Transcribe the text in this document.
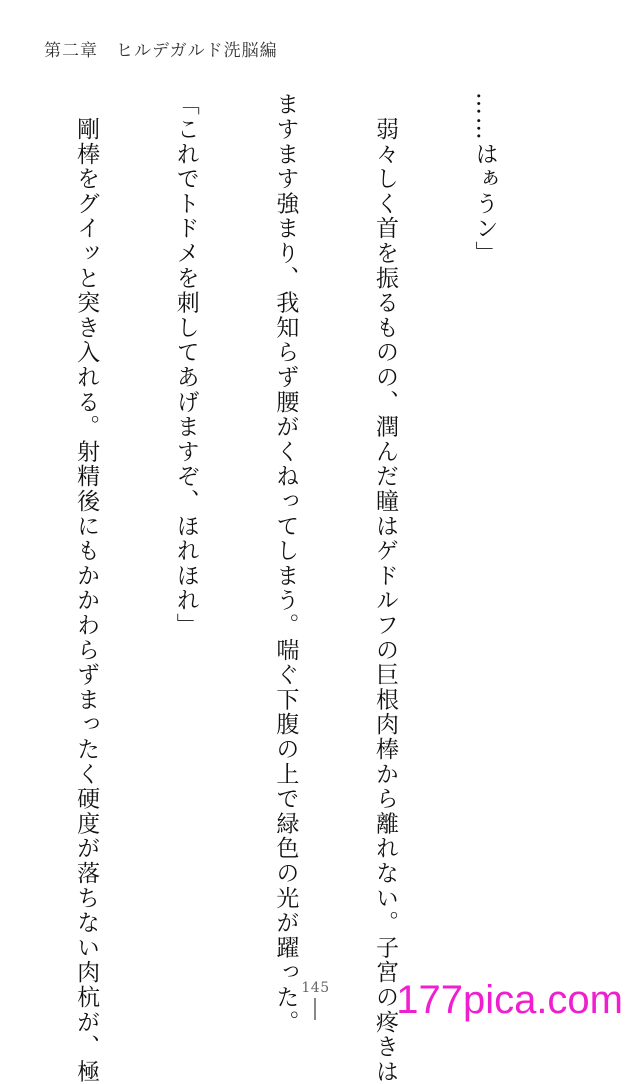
第二章　ヒルデガルド洗脳編

……はぁうン」

　弱々しく首を振るものの、潤んだ瞳はゲドルフの巨根肉棒から離れない。子宮の疼きは

ますます強まり、我知らず腰がくねってしまう。喘ぐ下腹の上で緑色の光が躍った。

「これでトドメを刺してあげますぞ、ほれほれ」

　剛棒をグイッと突き入れる。射精後にもかかわらずまったく硬度が落ちない肉杭が、極

	145	177pica.com
